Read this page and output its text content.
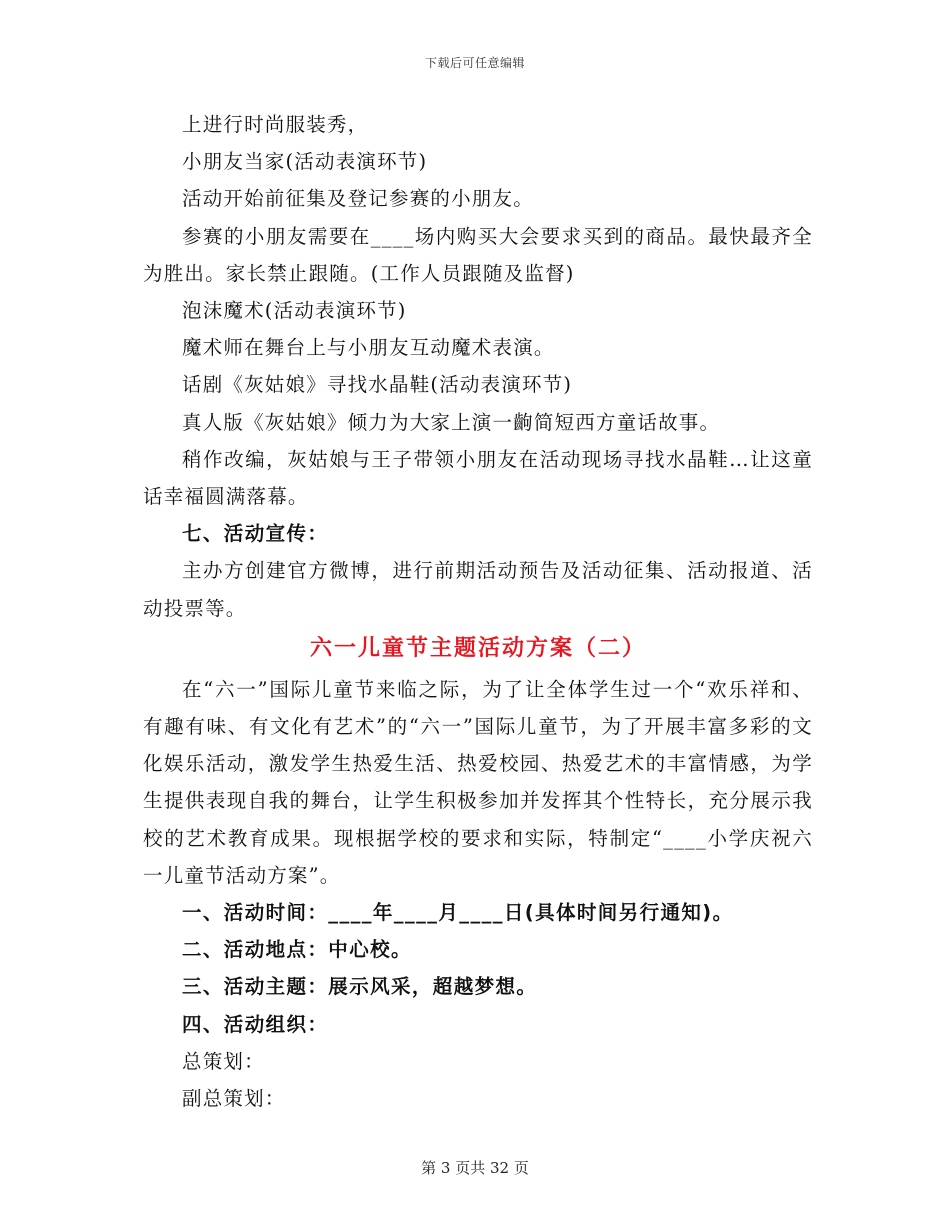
下载后可任意编辑

上进行时尚服装秀，

小朋友当家(活动表演环节)

活动开始前征集及登记参赛的小朋友。

参赛的小朋友需要在____场内购买大会要求买到的商品。最快最齐全为胜出。家长禁止跟随。(工作人员跟随及监督)

泡沫魔术(活动表演环节)

魔术师在舞台上与小朋友互动魔术表演。

话剧《灰姑娘》寻找水晶鞋(活动表演环节)

真人版《灰姑娘》倾力为大家上演一齣简短西方童话故事。

稍作改编，灰姑娘与王子带领小朋友在活动现场寻找水晶鞋…让这童话幸福圆满落幕。

七、活动宣传：

主办方创建官方微博，进行前期活动预告及活动征集、活动报道、活动投票等。

六一儿童节主题活动方案（二）

在“六一”国际儿童节来临之际，为了让全体学生过一个“欢乐祥和、有趣有味、有文化有艺术”的“六一”国际儿童节，为了开展丰富多彩的文化娱乐活动，激发学生热爱生活、热爱校园、热爱艺术的丰富情感，为学生提供表现自我的舞台，让学生积极参加并发挥其个性特长，充分展示我校的艺术教育成果。现根据学校的要求和实际，特制定“____小学庆祝六一儿童节活动方案”。

一、活动时间：____年____月____日(具体时间另行通知)。

二、活动地点：中心校。

三、活动主题：展示风采，超越梦想。

四、活动组织：

总策划：

副总策划：

第 3 页共 32 页
